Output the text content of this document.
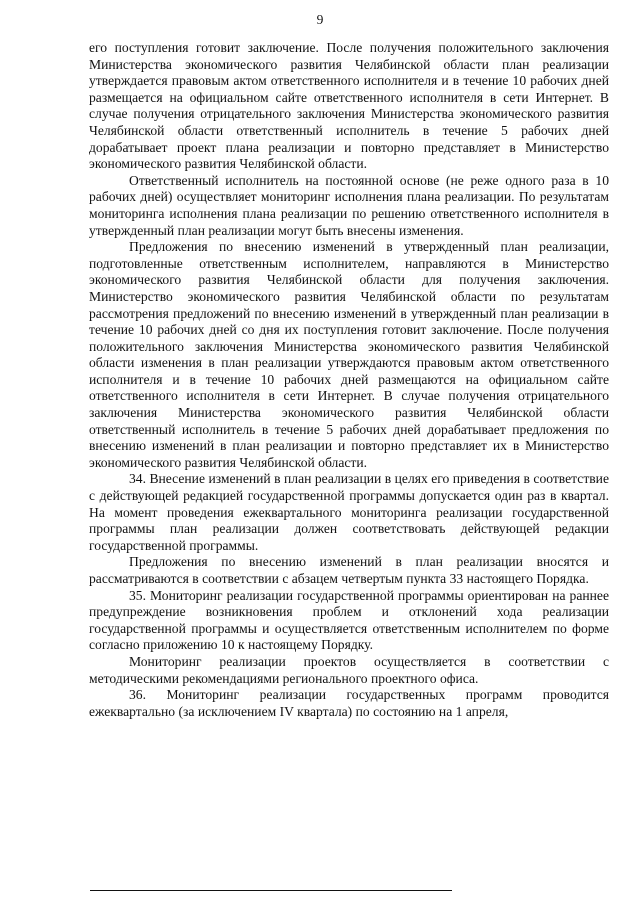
9

его поступления готовит заключение. После получения положительного заключения Министерства экономического развития Челябинской области план реализации утверждается правовым актом ответственного исполнителя и в течение 10 рабочих дней размещается на официальном сайте ответственного исполнителя в сети Интернет. В случае получения отрицательного заключения Министерства экономического развития Челябинской области ответственный исполнитель в течение 5 рабочих дней дорабатывает проект плана реализации и повторно представляет в Министерство экономического развития Челябинской области.

Ответственный исполнитель на постоянной основе (не реже одного раза в 10 рабочих дней) осуществляет мониторинг исполнения плана реализации. По результатам мониторинга исполнения плана реализации по решению ответственного исполнителя в утвержденный план реализации могут быть внесены изменения.

Предложения по внесению изменений в утвержденный план реализации, подготовленные ответственным исполнителем, направляются в Министерство экономического развития Челябинской области для получения заключения. Министерство экономического развития Челябинской области по результатам рассмотрения предложений по внесению изменений в утвержденный план реализации в течение 10 рабочих дней со дня их поступления готовит заключение. После получения положительного заключения Министерства экономического развития Челябинской области изменения в план реализации утверждаются правовым актом ответственного исполнителя и в течение 10 рабочих дней размещаются на официальном сайте ответственного исполнителя в сети Интернет. В случае получения отрицательного заключения Министерства экономического развития Челябинской области ответственный исполнитель в течение 5 рабочих дней дорабатывает предложения по внесению изменений в план реализации и повторно представляет их в Министерство экономического развития Челябинской области.

34. Внесение изменений в план реализации в целях его приведения в соответствие с действующей редакцией государственной программы допускается один раз в квартал. На момент проведения ежеквартального мониторинга реализации государственной программы план реализации должен соответствовать действующей редакции государственной программы.

Предложения по внесению изменений в план реализации вносятся и рассматриваются в соответствии с абзацем четвертым пункта 33 настоящего Порядка.

35. Мониторинг реализации государственной программы ориентирован на раннее предупреждение возникновения проблем и отклонений хода реализации государственной программы и осуществляется ответственным исполнителем по форме согласно приложению 10 к настоящему Порядку.

Мониторинг реализации проектов осуществляется в соответствии с методическими рекомендациями регионального проектного офиса.

36. Мониторинг реализации государственных программ проводится ежеквартально (за исключением IV квартала) по состоянию на 1 апреля,
